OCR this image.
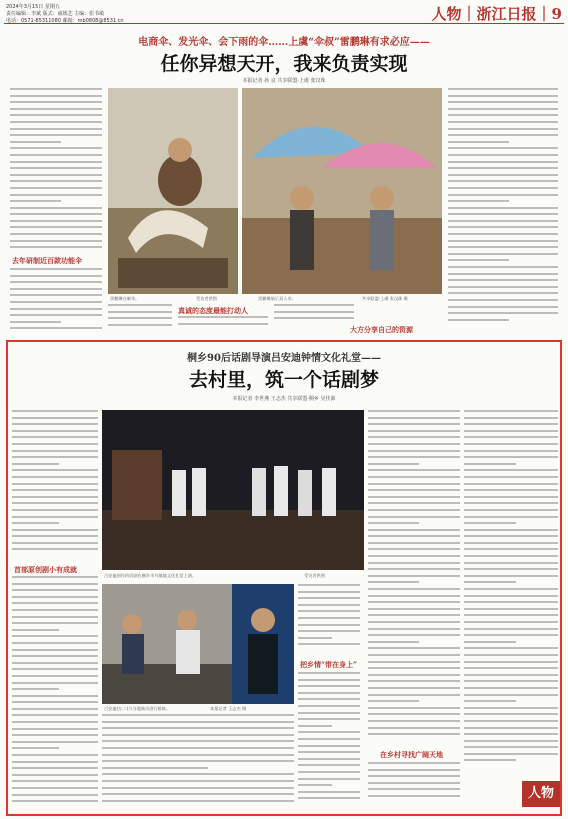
2024年3月15日 星期五
责任编辑：李斌 版式：戚嫣艺 主编：张书敏
电话：0571-85311080 邮箱：mb0808@8531.cn	人物｜浙江日报｜9
电商伞、发光伞、会下雨的伞……上虞“伞叔”雷鹏琳有求必应——
任你异想天开，我来负责实现
本报记者 孙 良 共享联盟·上虞 张汉珠
去年研制近百款功能伞
雷鹏琳在制伞。	受访者供图	雷鹏琳展示双人伞。	共享联盟·上虞 张汉珠 摄
真诚的态度最能打动人
大方分享自己的资源
桐乡90后话剧导演吕安迪钟情文化礼堂——
去村里，筑一个话剧梦
本报记者 李世燕 王志杰 共享联盟·桐乡 吴佳源
首部原创剧小有成就
吕安迪创作的话剧在桐乡市乌镇镇文化礼堂上演。
吕安迪(左二)与当地演员进行排练。	本报记者 王志杰 摄
受访者供图
把乡情“带在身上”
在乡村寻找广阔天地
人物
